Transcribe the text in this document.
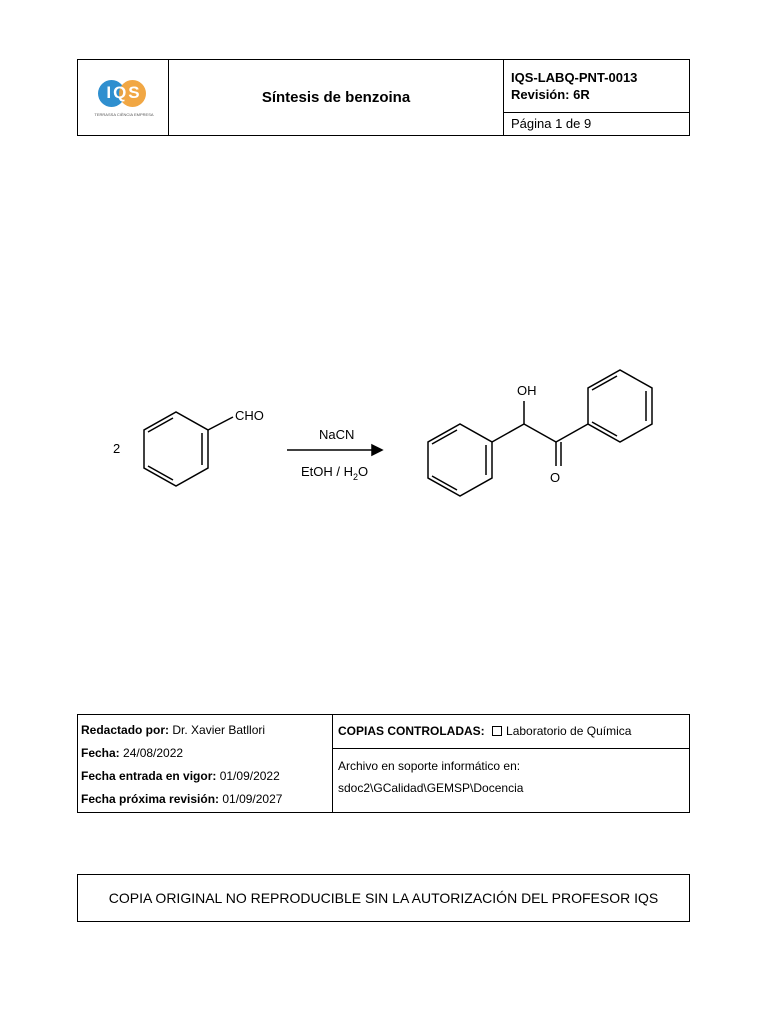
IQS
TERRASSA CIÈNCIA EMPRESA
Síntesis de benzoina
IQS-LABQ-PNT-0013
Revisión: 6R
Página 1 de 9
2
CHO
NaCN
EtOH / $H_2O$
OH
O
Redactado por: Dr. Xavier Batllori
Fecha: 24/08/2022
Fecha entrada en vigor: 01/09/2022
Fecha próxima revisión: 01/09/2027
COPIAS CONTROLADAS: Laboratorio de Química
Archivo en soporte informático en:
sdoc2\GCalidad\GEMSP\Docencia
COPIA ORIGINAL NO REPRODUCIBLE SIN LA AUTORIZACIÓN DEL PROFESOR IQS
